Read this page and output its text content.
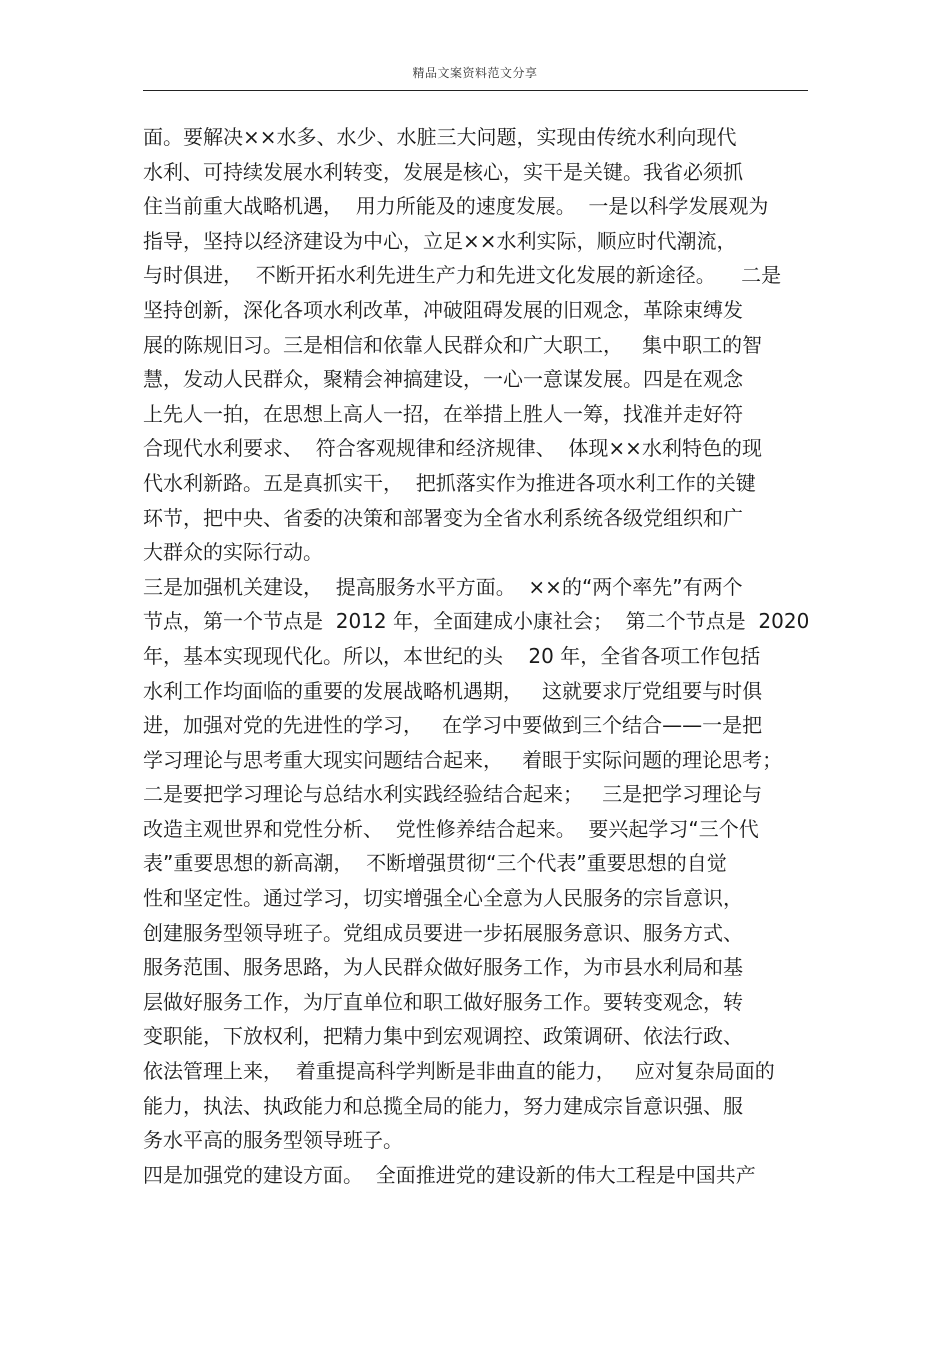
精品文案资料范文分享
面。要解决××水多、水少、水脏三大问题，实现由传统水利向现代
水利、可持续发展水利转变，发展是核心，实干是关键。我省必须抓
住当前重大战略机遇，  用力所能及的速度发展。  一是以科学发展观为
指导，坚持以经济建设为中心，立足××水利实际，顺应时代潮流，
与时俱进，  不断开拓水利先进生产力和先进文化发展的新途径。    二是
坚持创新，深化各项水利改革，冲破阻碍发展的旧观念，革除束缚发
展的陈规旧习。三是相信和依靠人民群众和广大职工，   集中职工的智
慧，发动人民群众，聚精会神搞建设，一心一意谋发展。四是在观念
上先人一拍，在思想上高人一招，在举措上胜人一筹，找准并走好符
合现代水利要求、  符合客观规律和经济规律、  体现××水利特色的现
代水利新路。五是真抓实干，  把抓落实作为推进各项水利工作的关键
环节，把中央、省委的决策和部署变为全省水利系统各级党组织和广
大群众的实际行动。
三是加强机关建设，  提高服务水平方面。  ××的“两个率先”有两个
节点，第一个节点是  2012 年，全面建成小康社会；  第二个节点是  2020
年，基本实现现代化。所以，本世纪的头    20 年，全省各项工作包括
水利工作均面临的重要的发展战略机遇期，   这就要求厅党组要与时俱
进，加强对党的先进性的学习，   在学习中要做到三个结合——一是把
学习理论与思考重大现实问题结合起来，   着眼于实际问题的理论思考；
二是要把学习理论与总结水利实践经验结合起来；   三是把学习理论与
改造主观世界和党性分析、  党性修养结合起来。  要兴起学习“三个代
表”重要思想的新高潮，  不断增强贯彻“三个代表”重要思想的自觉
性和坚定性。通过学习，切实增强全心全意为人民服务的宗旨意识，
创建服务型领导班子。党组成员要进一步拓展服务意识、服务方式、
服务范围、服务思路，为人民群众做好服务工作，为市县水利局和基
层做好服务工作，为厅直单位和职工做好服务工作。要转变观念，转
变职能，下放权利，把精力集中到宏观调控、政策调研、依法行政、
依法管理上来，  着重提高科学判断是非曲直的能力，   应对复杂局面的
能力，执法、执政能力和总揽全局的能力，努力建成宗旨意识强、服
务水平高的服务型领导班子。
四是加强党的建设方面。  全面推进党的建设新的伟大工程是中国共产
